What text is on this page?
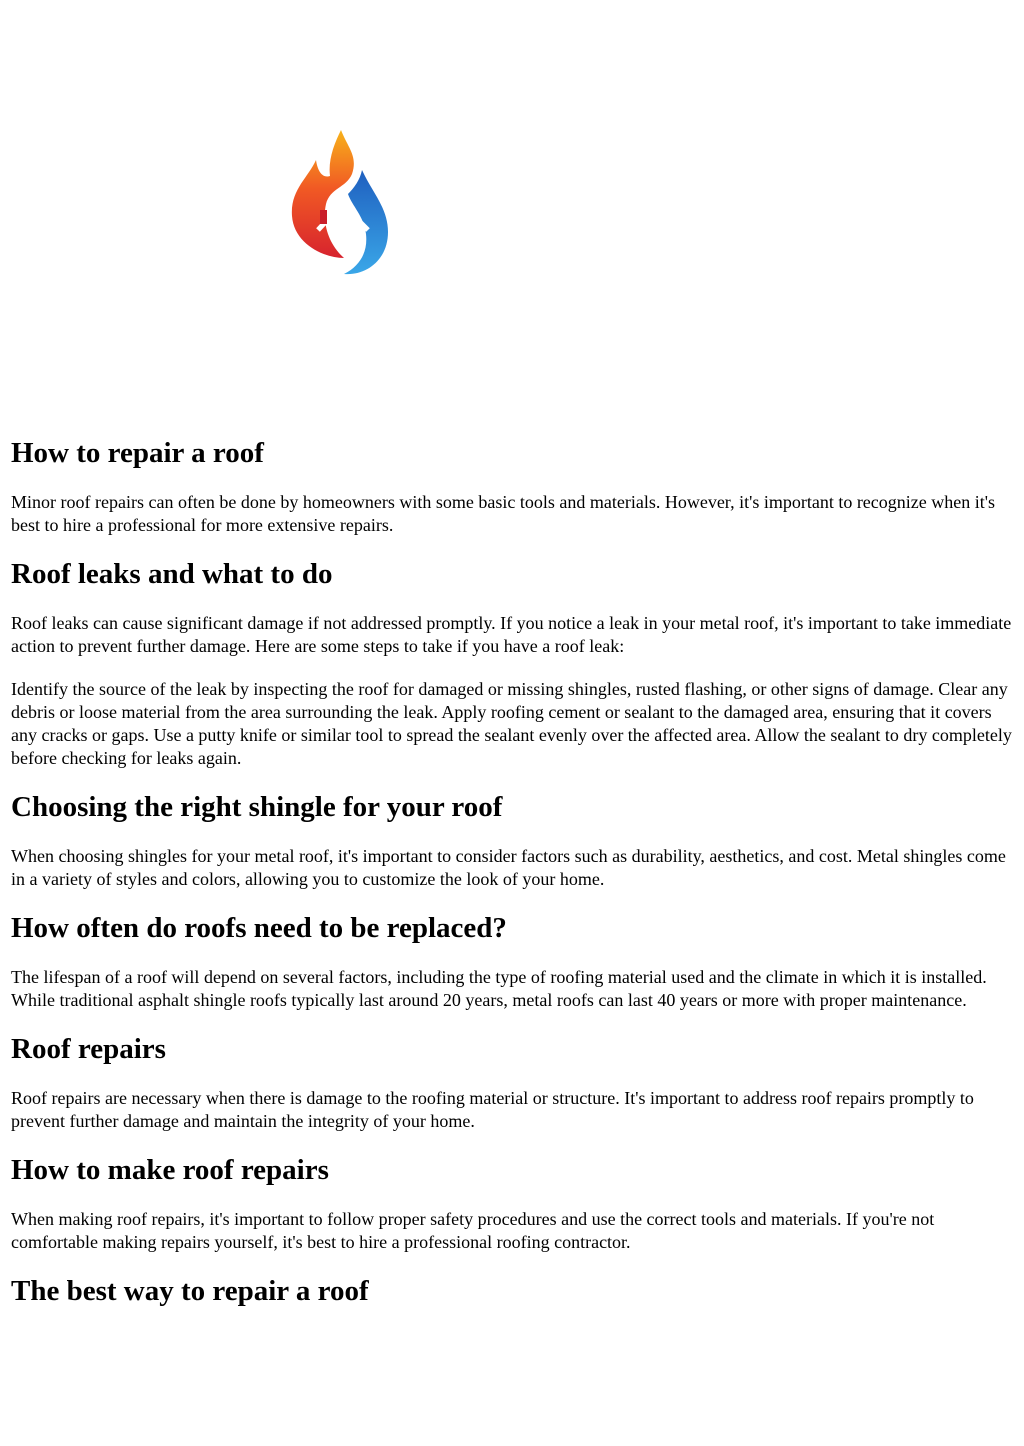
How to repair a roof

Minor roof repairs can often be done by homeowners with some basic tools and materials. However, it's important to recognize when it's best to hire a professional for more extensive repairs.

Roof leaks and what to do

Roof leaks can cause significant damage if not addressed promptly. If you notice a leak in your metal roof, it's important to take immediate action to prevent further damage. Here are some steps to take if you have a roof leak:

Identify the source of the leak by inspecting the roof for damaged or missing shingles, rusted flashing, or other signs of damage. Clear any debris or loose material from the area surrounding the leak. Apply roofing cement or sealant to the damaged area, ensuring that it covers any cracks or gaps. Use a putty knife or similar tool to spread the sealant evenly over the affected area. Allow the sealant to dry completely before checking for leaks again.

Choosing the right shingle for your roof

When choosing shingles for your metal roof, it's important to consider factors such as durability, aesthetics, and cost. Metal shingles come in a variety of styles and colors, allowing you to customize the look of your home.

How often do roofs need to be replaced?

The lifespan of a roof will depend on several factors, including the type of roofing material used and the climate in which it is installed. While traditional asphalt shingle roofs typically last around 20 years, metal roofs can last 40 years or more with proper maintenance.

Roof repairs

Roof repairs are necessary when there is damage to the roofing material or structure. It's important to address roof repairs promptly to prevent further damage and maintain the integrity of your home.

How to make roof repairs

When making roof repairs, it's important to follow proper safety procedures and use the correct tools and materials. If you're not comfortable making repairs yourself, it's best to hire a professional roofing contractor.

The best way to repair a roof
